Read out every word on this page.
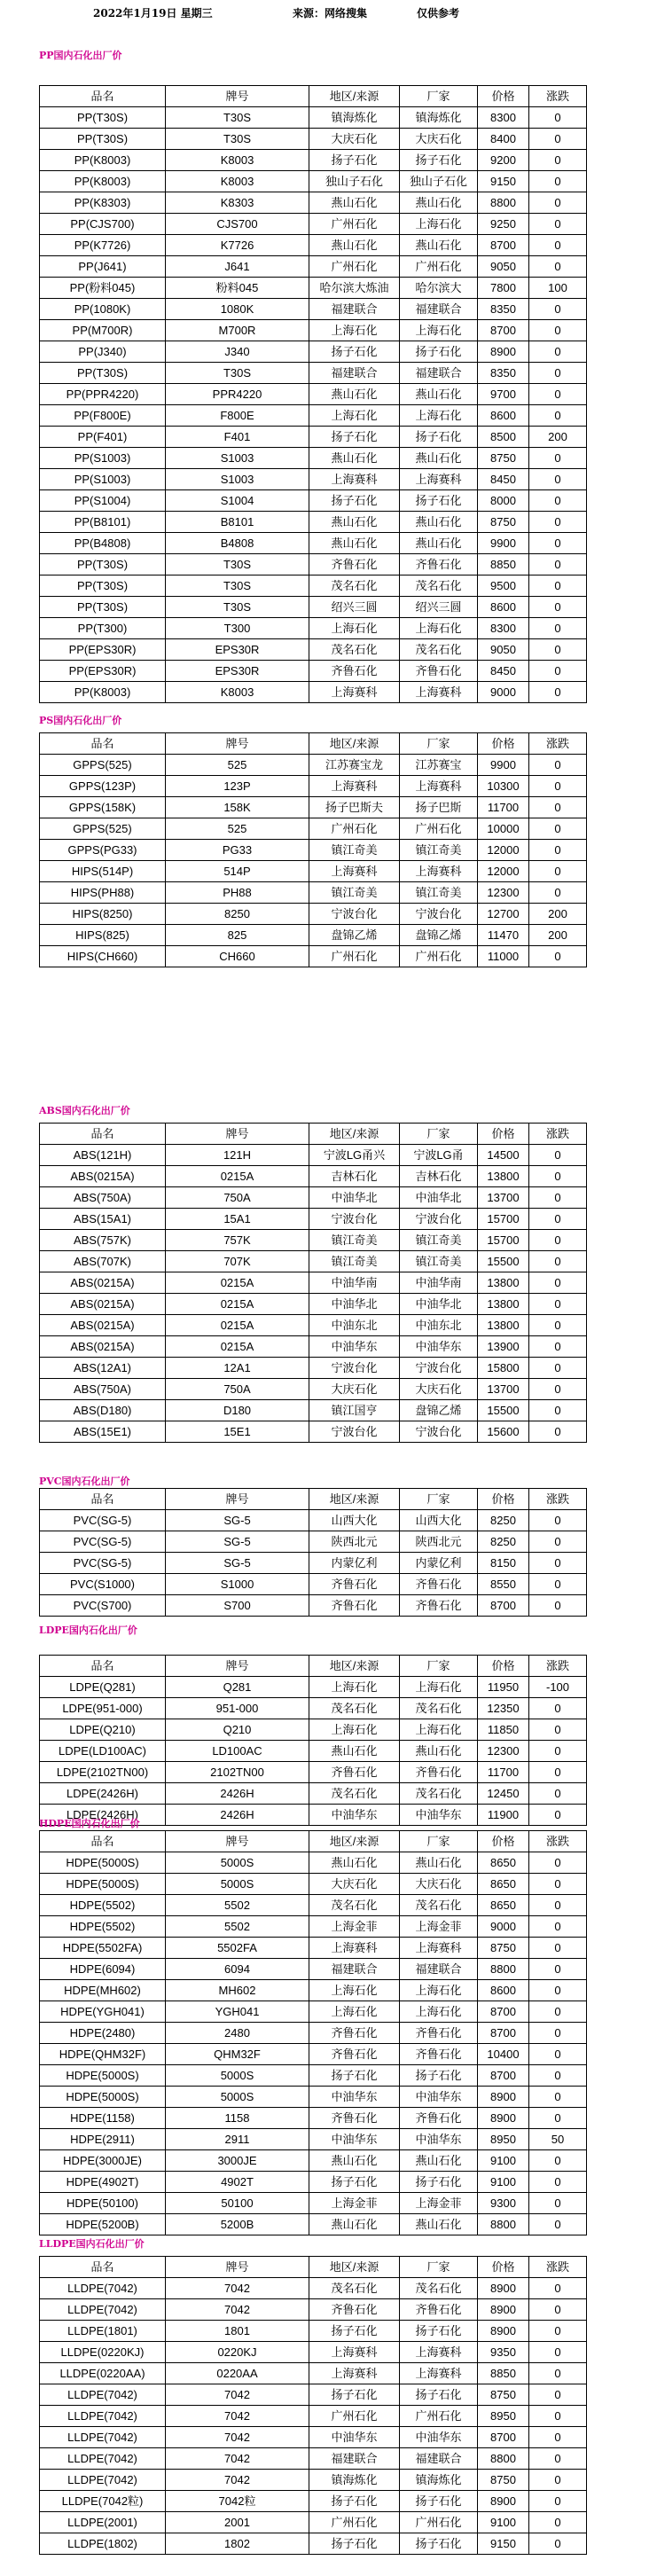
2022年1月19日 星期三	来源：网络搜集	仅供参考
PP国内石化出厂价
品名	牌号	地区/来源	厂家	价格	涨跌
PP(T30S)	T30S	镇海炼化	镇海炼化	8300	0
PP(T30S)	T30S	大庆石化	大庆石化	8400	0
PP(K8003)	K8003	扬子石化	扬子石化	9200	0
PP(K8003)	K8003	独山子石化	独山子石化	9150	0
PP(K8303)	K8303	燕山石化	燕山石化	8800	0
PP(CJS700)	CJS700	广州石化	上海石化	9250	0
PP(K7726)	K7726	燕山石化	燕山石化	8700	0
PP(J641)	J641	广州石化	广州石化	9050	0
PP(粉料045)	粉料045	哈尔滨大炼油	哈尔滨大	7800	100
PP(1080K)	1080K	福建联合	福建联合	8350	0
PP(M700R)	M700R	上海石化	上海石化	8700	0
PP(J340)	J340	扬子石化	扬子石化	8900	0
PP(T30S)	T30S	福建联合	福建联合	8350	0
PP(PPR4220)	PPR4220	燕山石化	燕山石化	9700	0
PP(F800E)	F800E	上海石化	上海石化	8600	0
PP(F401)	F401	扬子石化	扬子石化	8500	200
PP(S1003)	S1003	燕山石化	燕山石化	8750	0
PP(S1003)	S1003	上海赛科	上海赛科	8450	0
PP(S1004)	S1004	扬子石化	扬子石化	8000	0
PP(B8101)	B8101	燕山石化	燕山石化	8750	0
PP(B4808)	B4808	燕山石化	燕山石化	9900	0
PP(T30S)	T30S	齐鲁石化	齐鲁石化	8850	0
PP(T30S)	T30S	茂名石化	茂名石化	9500	0
PP(T30S)	T30S	绍兴三圆	绍兴三圆	8600	0
PP(T300)	T300	上海石化	上海石化	8300	0
PP(EPS30R)	EPS30R	茂名石化	茂名石化	9050	0
PP(EPS30R)	EPS30R	齐鲁石化	齐鲁石化	8450	0
PP(K8003)	K8003	上海赛科	上海赛科	9000	0
PS国内石化出厂价
品名	牌号	地区/来源	厂家	价格	涨跌
GPPS(525)	525	江苏赛宝龙	江苏赛宝	9900	0
GPPS(123P)	123P	上海赛科	上海赛科	10300	0
GPPS(158K)	158K	扬子巴斯夫	扬子巴斯	11700	0
GPPS(525)	525	广州石化	广州石化	10000	0
GPPS(PG33)	PG33	镇江奇美	镇江奇美	12000	0
HIPS(514P)	514P	上海赛科	上海赛科	12000	0
HIPS(PH88)	PH88	镇江奇美	镇江奇美	12300	0
HIPS(8250)	8250	宁波台化	宁波台化	12700	200
HIPS(825)	825	盘锦乙烯	盘锦乙烯	11470	200
HIPS(CH660)	CH660	广州石化	广州石化	11000	0
ABS国内石化出厂价
品名	牌号	地区/来源	厂家	价格	涨跌
ABS(121H)	121H	宁波LG甬兴	宁波LG甬	14500	0
ABS(0215A)	0215A	吉林石化	吉林石化	13800	0
ABS(750A)	750A	中油华北	中油华北	13700	0
ABS(15A1)	15A1	宁波台化	宁波台化	15700	0
ABS(757K)	757K	镇江奇美	镇江奇美	15700	0
ABS(707K)	707K	镇江奇美	镇江奇美	15500	0
ABS(0215A)	0215A	中油华南	中油华南	13800	0
ABS(0215A)	0215A	中油华北	中油华北	13800	0
ABS(0215A)	0215A	中油东北	中油东北	13800	0
ABS(0215A)	0215A	中油华东	中油华东	13900	0
ABS(12A1)	12A1	宁波台化	宁波台化	15800	0
ABS(750A)	750A	大庆石化	大庆石化	13700	0
ABS(D180)	D180	镇江国亨	盘锦乙烯	15500	0
ABS(15E1)	15E1	宁波台化	宁波台化	15600	0
PVC国内石化出厂价
品名	牌号	地区/来源	厂家	价格	涨跌
PVC(SG-5)	SG-5	山西大化	山西大化	8250	0
PVC(SG-5)	SG-5	陕西北元	陕西北元	8250	0
PVC(SG-5)	SG-5	内蒙亿利	内蒙亿利	8150	0
PVC(S1000)	S1000	齐鲁石化	齐鲁石化	8550	0
PVC(S700)	S700	齐鲁石化	齐鲁石化	8700	0
LDPE国内石化出厂价
品名	牌号	地区/来源	厂家	价格	涨跌
LDPE(Q281)	Q281	上海石化	上海石化	11950	-100
LDPE(951-000)	951-000	茂名石化	茂名石化	12350	0
LDPE(Q210)	Q210	上海石化	上海石化	11850	0
LDPE(LD100AC)	LD100AC	燕山石化	燕山石化	12300	0
LDPE(2102TN00)	2102TN00	齐鲁石化	齐鲁石化	11700	0
LDPE(2426H)	2426H	茂名石化	茂名石化	12450	0
LDPE(2426H)	2426H	中油华东	中油华东	11900	0
HDPE国内石化出厂价
品名	牌号	地区/来源	厂家	价格	涨跌
HDPE(5000S)	5000S	燕山石化	燕山石化	8650	0
HDPE(5000S)	5000S	大庆石化	大庆石化	8650	0
HDPE(5502)	5502	茂名石化	茂名石化	8650	0
HDPE(5502)	5502	上海金菲	上海金菲	9000	0
HDPE(5502FA)	5502FA	上海赛科	上海赛科	8750	0
HDPE(6094)	6094	福建联合	福建联合	8800	0
HDPE(MH602)	MH602	上海石化	上海石化	8600	0
HDPE(YGH041)	YGH041	上海石化	上海石化	8700	0
HDPE(2480)	2480	齐鲁石化	齐鲁石化	8700	0
HDPE(QHM32F)	QHM32F	齐鲁石化	齐鲁石化	10400	0
HDPE(5000S)	5000S	扬子石化	扬子石化	8700	0
HDPE(5000S)	5000S	中油华东	中油华东	8900	0
HDPE(1158)	1158	齐鲁石化	齐鲁石化	8900	0
HDPE(2911)	2911	中油华东	中油华东	8950	50
HDPE(3000JE)	3000JE	燕山石化	燕山石化	9100	0
HDPE(4902T)	4902T	扬子石化	扬子石化	9100	0
HDPE(50100)	50100	上海金菲	上海金菲	9300	0
HDPE(5200B)	5200B	燕山石化	燕山石化	8800	0
LLDPE国内石化出厂价
品名	牌号	地区/来源	厂家	价格	涨跌
LLDPE(7042)	7042	茂名石化	茂名石化	8900	0
LLDPE(7042)	7042	齐鲁石化	齐鲁石化	8900	0
LLDPE(1801)	1801	扬子石化	扬子石化	8900	0
LLDPE(0220KJ)	0220KJ	上海赛科	上海赛科	9350	0
LLDPE(0220AA)	0220AA	上海赛科	上海赛科	8850	0
LLDPE(7042)	7042	扬子石化	扬子石化	8750	0
LLDPE(7042)	7042	广州石化	广州石化	8950	0
LLDPE(7042)	7042	中油华东	中油华东	8700	0
LLDPE(7042)	7042	福建联合	福建联合	8800	0
LLDPE(7042)	7042	镇海炼化	镇海炼化	8750	0
LLDPE(7042粒)	7042粒	扬子石化	扬子石化	8900	0
LLDPE(2001)	2001	广州石化	广州石化	9100	0
LLDPE(1802)	1802	扬子石化	扬子石化	9150	0
